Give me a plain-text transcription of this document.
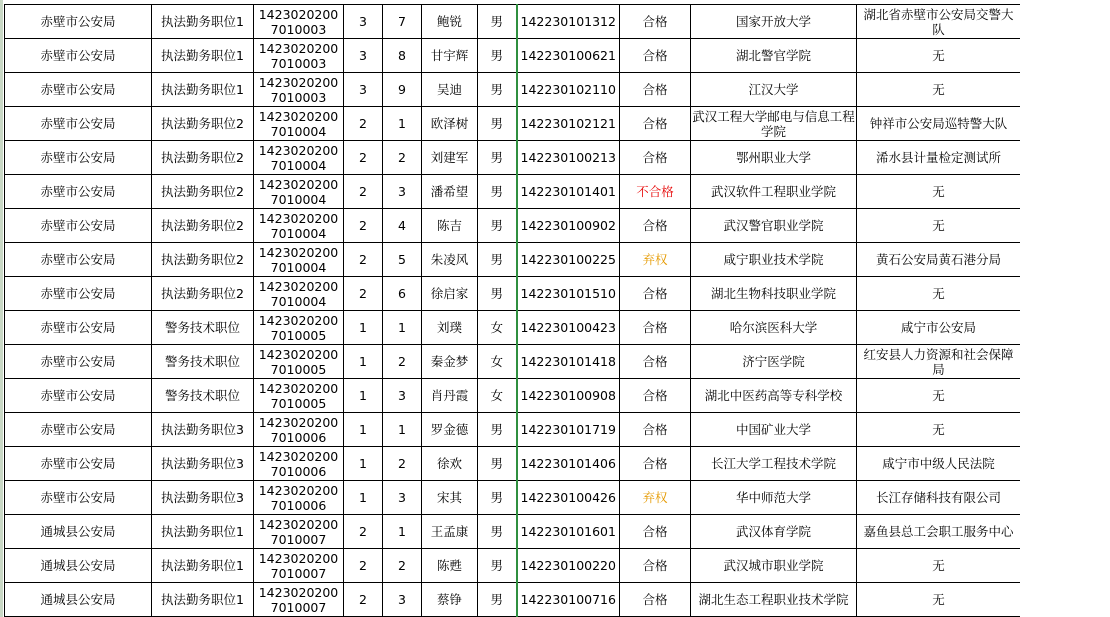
赤壁市公安局	执法勤务职位1	14230202007010003	3	7	鲍锐	男	142230101312	合格	国家开放大学	湖北省赤壁市公安局交警大队
赤壁市公安局	执法勤务职位1	14230202007010003	3	8	甘宇辉	男	142230100621	合格	湖北警官学院	无
赤壁市公安局	执法勤务职位1	14230202007010003	3	9	吴迪	男	142230102110	合格	江汉大学	无
赤壁市公安局	执法勤务职位2	14230202007010004	2	1	欧泽树	男	142230102121	合格	武汉工程大学邮电与信息工程学院	钟祥市公安局巡特警大队
赤壁市公安局	执法勤务职位2	14230202007010004	2	2	刘建军	男	142230100213	合格	鄂州职业大学	浠水县计量检定测试所
赤壁市公安局	执法勤务职位2	14230202007010004	2	3	潘希望	男	142230101401	不合格	武汉软件工程职业学院	无
赤壁市公安局	执法勤务职位2	14230202007010004	2	4	陈吉	男	142230100902	合格	武汉警官职业学院	无
赤壁市公安局	执法勤务职位2	14230202007010004	2	5	朱凌风	男	142230100225	弃权	咸宁职业技术学院	黄石公安局黄石港分局
赤壁市公安局	执法勤务职位2	14230202007010004	2	6	徐启家	男	142230101510	合格	湖北生物科技职业学院	无
赤壁市公安局	警务技术职位	14230202007010005	1	1	刘璞	女	142230100423	合格	哈尔滨医科大学	咸宁市公安局
赤壁市公安局	警务技术职位	14230202007010005	1	2	秦金梦	女	142230101418	合格	济宁医学院	红安县人力资源和社会保障局
赤壁市公安局	警务技术职位	14230202007010005	1	3	肖丹霞	女	142230100908	合格	湖北中医药高等专科学校	无
赤壁市公安局	执法勤务职位3	14230202007010006	1	1	罗金德	男	142230101719	合格	中国矿业大学	无
赤壁市公安局	执法勤务职位3	14230202007010006	1	2	徐欢	男	142230101406	合格	长江大学工程技术学院	咸宁市中级人民法院
赤壁市公安局	执法勤务职位3	14230202007010006	1	3	宋其	男	142230100426	弃权	华中师范大学	长江存储科技有限公司
通城县公安局	执法勤务职位1	14230202007010007	2	1	王孟康	男	142230101601	合格	武汉体育学院	嘉鱼县总工会职工服务中心
通城县公安局	执法勤务职位1	14230202007010007	2	2	陈甦	男	142230100220	合格	武汉城市职业学院	无
通城县公安局	执法勤务职位1	14230202007010007	2	3	蔡铮	男	142230100716	合格	湖北生态工程职业技术学院	无
